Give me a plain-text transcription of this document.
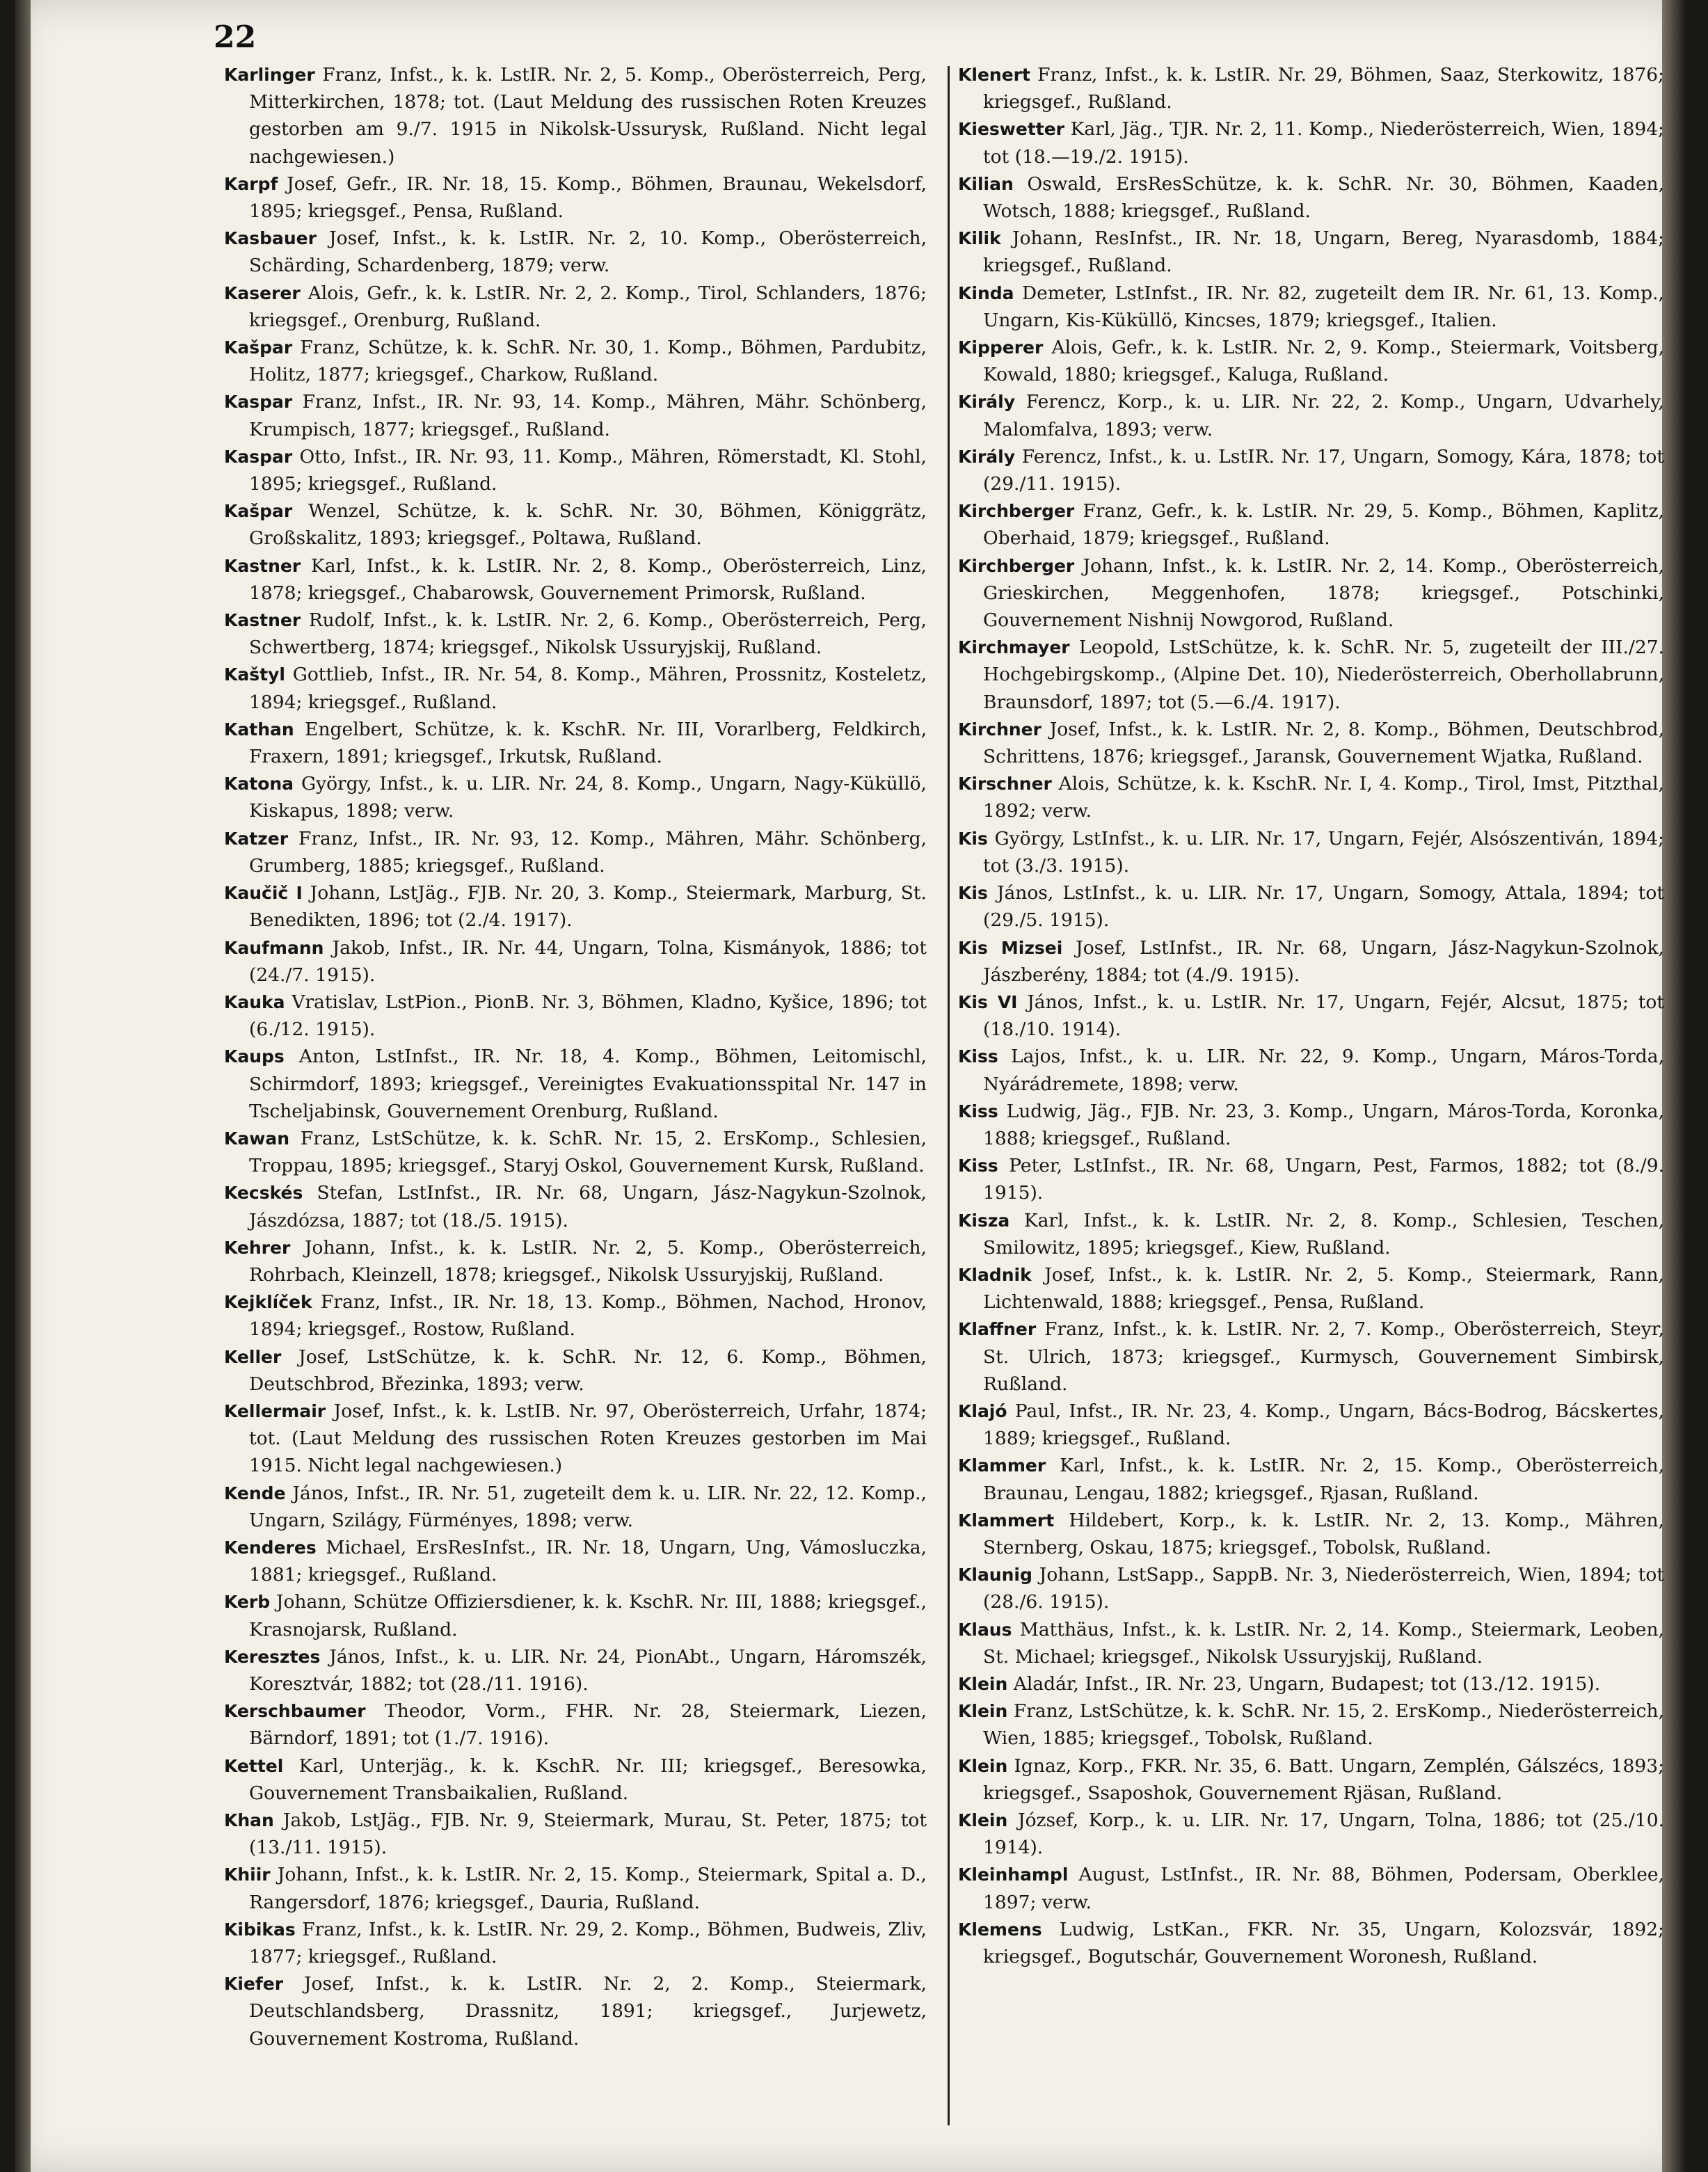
22

Karlinger Franz, Infst., k. k. LstIR. Nr. 2, 5. Komp., Oberösterreich, Perg, Mitterkirchen, 1878; tot. (Laut Meldung des russischen Roten Kreuzes gestorben am 9./7. 1915 in Nikolsk-Ussurysk, Rußland. Nicht legal nachgewiesen.)

Karpf Josef, Gefr., IR. Nr. 18, 15. Komp., Böhmen, Braunau, Wekelsdorf, 1895; kriegsgef., Pensa, Rußland.

Kasbauer Josef, Infst., k. k. LstIR. Nr. 2, 10. Komp., Oberösterreich, Schärding, Schardenberg, 1879; verw.

Kaserer Alois, Gefr., k. k. LstIR. Nr. 2, 2. Komp., Tirol, Schlanders, 1876; kriegsgef., Orenburg, Rußland.

Kašpar Franz, Schütze, k. k. SchR. Nr. 30, 1. Komp., Böhmen, Pardubitz, Holitz, 1877; kriegsgef., Charkow, Rußland.

Kaspar Franz, Infst., IR. Nr. 93, 14. Komp., Mähren, Mähr. Schönberg, Krumpisch, 1877; kriegsgef., Rußland.

Kaspar Otto, Infst., IR. Nr. 93, 11. Komp., Mähren, Römerstadt, Kl. Stohl, 1895; kriegsgef., Rußland.

Kašpar Wenzel, Schütze, k. k. SchR. Nr. 30, Böhmen, Königgrätz, Großskalitz, 1893; kriegsgef., Poltawa, Rußland.

Kastner Karl, Infst., k. k. LstIR. Nr. 2, 8. Komp., Oberösterreich, Linz, 1878; kriegsgef., Chabarowsk, Gouvernement Primorsk, Rußland.

Kastner Rudolf, Infst., k. k. LstIR. Nr. 2, 6. Komp., Oberösterreich, Perg, Schwertberg, 1874; kriegsgef., Nikolsk Ussuryjskij, Rußland.

Kaštyl Gottlieb, Infst., IR. Nr. 54, 8. Komp., Mähren, Prossnitz, Kosteletz, 1894; kriegsgef., Rußland.

Kathan Engelbert, Schütze, k. k. KschR. Nr. III, Vorarlberg, Feldkirch, Fraxern, 1891; kriegsgef., Irkutsk, Rußland.

Katona György, Infst., k. u. LIR. Nr. 24, 8. Komp., Ungarn, Nagy-Küküllö, Kiskapus, 1898; verw.

Katzer Franz, Infst., IR. Nr. 93, 12. Komp., Mähren, Mähr. Schönberg, Grumberg, 1885; kriegsgef., Rußland.

Kaučič I Johann, LstJäg., FJB. Nr. 20, 3. Komp., Steiermark, Marburg, St. Benedikten, 1896; tot (2./4. 1917).

Kaufmann Jakob, Infst., IR. Nr. 44, Ungarn, Tolna, Kismányok, 1886; tot (24./7. 1915).

Kauka Vratislav, LstPion., PionB. Nr. 3, Böhmen, Kladno, Kyšice, 1896; tot (6./12. 1915).

Kaups Anton, LstInfst., IR. Nr. 18, 4. Komp., Böhmen, Leitomischl, Schirmdorf, 1893; kriegsgef., Vereinigtes Evakuationsspital Nr. 147 in Tscheljabinsk, Gouvernement Orenburg, Rußland.

Kawan Franz, LstSchütze, k. k. SchR. Nr. 15, 2. ErsKomp., Schlesien, Troppau, 1895; kriegsgef., Staryj Oskol, Gouvernement Kursk, Rußland.

Kecskés Stefan, LstInfst., IR. Nr. 68, Ungarn, Jász-Nagykun-Szolnok, Jászdózsa, 1887; tot (18./5. 1915).

Kehrer Johann, Infst., k. k. LstIR. Nr. 2, 5. Komp., Oberösterreich, Rohrbach, Kleinzell, 1878; kriegsgef., Nikolsk Ussuryjskij, Rußland.

Kejklíček Franz, Infst., IR. Nr. 18, 13. Komp., Böhmen, Nachod, Hronov, 1894; kriegsgef., Rostow, Rußland.

Keller Josef, LstSchütze, k. k. SchR. Nr. 12, 6. Komp., Böhmen, Deutschbrod, Březinka, 1893; verw.

Kellermair Josef, Infst., k. k. LstIB. Nr. 97, Oberösterreich, Urfahr, 1874; tot. (Laut Meldung des russischen Roten Kreuzes gestorben im Mai 1915. Nicht legal nachgewiesen.)

Kende János, Infst., IR. Nr. 51, zugeteilt dem k. u. LIR. Nr. 22, 12. Komp., Ungarn, Szilágy, Fürményes, 1898; verw.

Kenderes Michael, ErsResInfst., IR. Nr. 18, Ungarn, Ung, Vámosluczka, 1881; kriegsgef., Rußland.

Kerb Johann, Schütze Offiziersdiener, k. k. KschR. Nr. III, 1888; kriegsgef., Krasnojarsk, Rußland.

Keresztes János, Infst., k. u. LIR. Nr. 24, PionAbt., Ungarn, Háromszék, Koresztvár, 1882; tot (28./11. 1916).

Kerschbaumer Theodor, Vorm., FHR. Nr. 28, Steiermark, Liezen, Bärndorf, 1891; tot (1./7. 1916).

Kettel Karl, Unterjäg., k. k. KschR. Nr. III; kriegsgef., Beresowka, Gouvernement Transbaikalien, Rußland.

Khan Jakob, LstJäg., FJB. Nr. 9, Steiermark, Murau, St. Peter, 1875; tot (13./11. 1915).

Khiir Johann, Infst., k. k. LstIR. Nr. 2, 15. Komp., Steiermark, Spital a. D., Rangersdorf, 1876; kriegsgef., Dauria, Rußland.

Kibikas Franz, Infst., k. k. LstIR. Nr. 29, 2. Komp., Böhmen, Budweis, Zliv, 1877; kriegsgef., Rußland.

Kiefer Josef, Infst., k. k. LstIR. Nr. 2, 2. Komp., Steiermark, Deutschlandsberg, Drassnitz, 1891; kriegsgef., Jurjewetz, Gouvernement Kostroma, Rußland.

Klenert Franz, Infst., k. k. LstIR. Nr. 29, Böhmen, Saaz, Sterkowitz, 1876; kriegsgef., Rußland.

Kieswetter Karl, Jäg., TJR. Nr. 2, 11. Komp., Niederösterreich, Wien, 1894; tot (18.—19./2. 1915).

Kilian Oswald, ErsResSchütze, k. k. SchR. Nr. 30, Böhmen, Kaaden, Wotsch, 1888; kriegsgef., Rußland.

Kilik Johann, ResInfst., IR. Nr. 18, Ungarn, Bereg, Nyarasdomb, 1884; kriegsgef., Rußland.

Kinda Demeter, LstInfst., IR. Nr. 82, zugeteilt dem IR. Nr. 61, 13. Komp., Ungarn, Kis-Küküllö, Kincses, 1879; kriegsgef., Italien.

Kipperer Alois, Gefr., k. k. LstIR. Nr. 2, 9. Komp., Steiermark, Voitsberg, Kowald, 1880; kriegsgef., Kaluga, Rußland.

Király Ferencz, Korp., k. u. LIR. Nr. 22, 2. Komp., Ungarn, Udvarhely, Malomfalva, 1893; verw.

Király Ferencz, Infst., k. u. LstIR. Nr. 17, Ungarn, Somogy, Kára, 1878; tot (29./11. 1915).

Kirchberger Franz, Gefr., k. k. LstIR. Nr. 29, 5. Komp., Böhmen, Kaplitz, Oberhaid, 1879; kriegsgef., Rußland.

Kirchberger Johann, Infst., k. k. LstIR. Nr. 2, 14. Komp., Oberösterreich, Grieskirchen, Meggenhofen, 1878; kriegsgef., Potschinki, Gouvernement Nishnij Nowgorod, Rußland.

Kirchmayer Leopold, LstSchütze, k. k. SchR. Nr. 5, zugeteilt der III./27. Hochgebirgskomp., (Alpine Det. 10), Niederösterreich, Oberhollabrunn, Braunsdorf, 1897; tot (5.—6./4. 1917).

Kirchner Josef, Infst., k. k. LstIR. Nr. 2, 8. Komp., Böhmen, Deutschbrod, Schrittens, 1876; kriegsgef., Jaransk, Gouvernement Wjatka, Rußland.

Kirschner Alois, Schütze, k. k. KschR. Nr. I, 4. Komp., Tirol, Imst, Pitzthal, 1892; verw.

Kis György, LstInfst., k. u. LIR. Nr. 17, Ungarn, Fejér, Alsószentiván, 1894; tot (3./3. 1915).

Kis János, LstInfst., k. u. LIR. Nr. 17, Ungarn, Somogy, Attala, 1894; tot (29./5. 1915).

Kis Mizsei Josef, LstInfst., IR. Nr. 68, Ungarn, Jász-Nagykun-Szolnok, Jászberény, 1884; tot (4./9. 1915).

Kis VI János, Infst., k. u. LstIR. Nr. 17, Ungarn, Fejér, Alcsut, 1875; tot (18./10. 1914).

Kiss Lajos, Infst., k. u. LIR. Nr. 22, 9. Komp., Ungarn, Máros-Torda, Nyárádremete, 1898; verw.

Kiss Ludwig, Jäg., FJB. Nr. 23, 3. Komp., Ungarn, Máros-Torda, Koronka, 1888; kriegsgef., Rußland.

Kiss Peter, LstInfst., IR. Nr. 68, Ungarn, Pest, Farmos, 1882; tot (8./9. 1915).

Kisza Karl, Infst., k. k. LstIR. Nr. 2, 8. Komp., Schlesien, Teschen, Smilowitz, 1895; kriegsgef., Kiew, Rußland.

Kladnik Josef, Infst., k. k. LstIR. Nr. 2, 5. Komp., Steiermark, Rann, Lichtenwald, 1888; kriegsgef., Pensa, Rußland.

Klaffner Franz, Infst., k. k. LstIR. Nr. 2, 7. Komp., Oberösterreich, Steyr, St. Ulrich, 1873; kriegsgef., Kurmysch, Gouvernement Simbirsk, Rußland.

Klajó Paul, Infst., IR. Nr. 23, 4. Komp., Ungarn, Bács-Bodrog, Bácskertes, 1889; kriegsgef., Rußland.

Klammer Karl, Infst., k. k. LstIR. Nr. 2, 15. Komp., Oberösterreich, Braunau, Lengau, 1882; kriegsgef., Rjasan, Rußland.

Klammert Hildebert, Korp., k. k. LstIR. Nr. 2, 13. Komp., Mähren, Sternberg, Oskau, 1875; kriegsgef., Tobolsk, Rußland.

Klaunig Johann, LstSapp., SappB. Nr. 3, Niederösterreich, Wien, 1894; tot (28./6. 1915).

Klaus Matthäus, Infst., k. k. LstIR. Nr. 2, 14. Komp., Steiermark, Leoben, St. Michael; kriegsgef., Nikolsk Ussuryjskij, Rußland.

Klein Aladár, Infst., IR. Nr. 23, Ungarn, Budapest; tot (13./12. 1915).

Klein Franz, LstSchütze, k. k. SchR. Nr. 15, 2. ErsKomp., Niederösterreich, Wien, 1885; kriegsgef., Tobolsk, Rußland.

Klein Ignaz, Korp., FKR. Nr. 35, 6. Batt. Ungarn, Zemplén, Gálszécs, 1893; kriegsgef., Ssaposhok, Gouvernement Rjäsan, Rußland.

Klein József, Korp., k. u. LIR. Nr. 17, Ungarn, Tolna, 1886; tot (25./10. 1914).

Kleinhampl August, LstInfst., IR. Nr. 88, Böhmen, Podersam, Oberklee, 1897; verw.

Klemens Ludwig, LstKan., FKR. Nr. 35, Ungarn, Kolozsvár, 1892; kriegsgef., Bogutschár, Gouvernement Woronesh, Rußland.
